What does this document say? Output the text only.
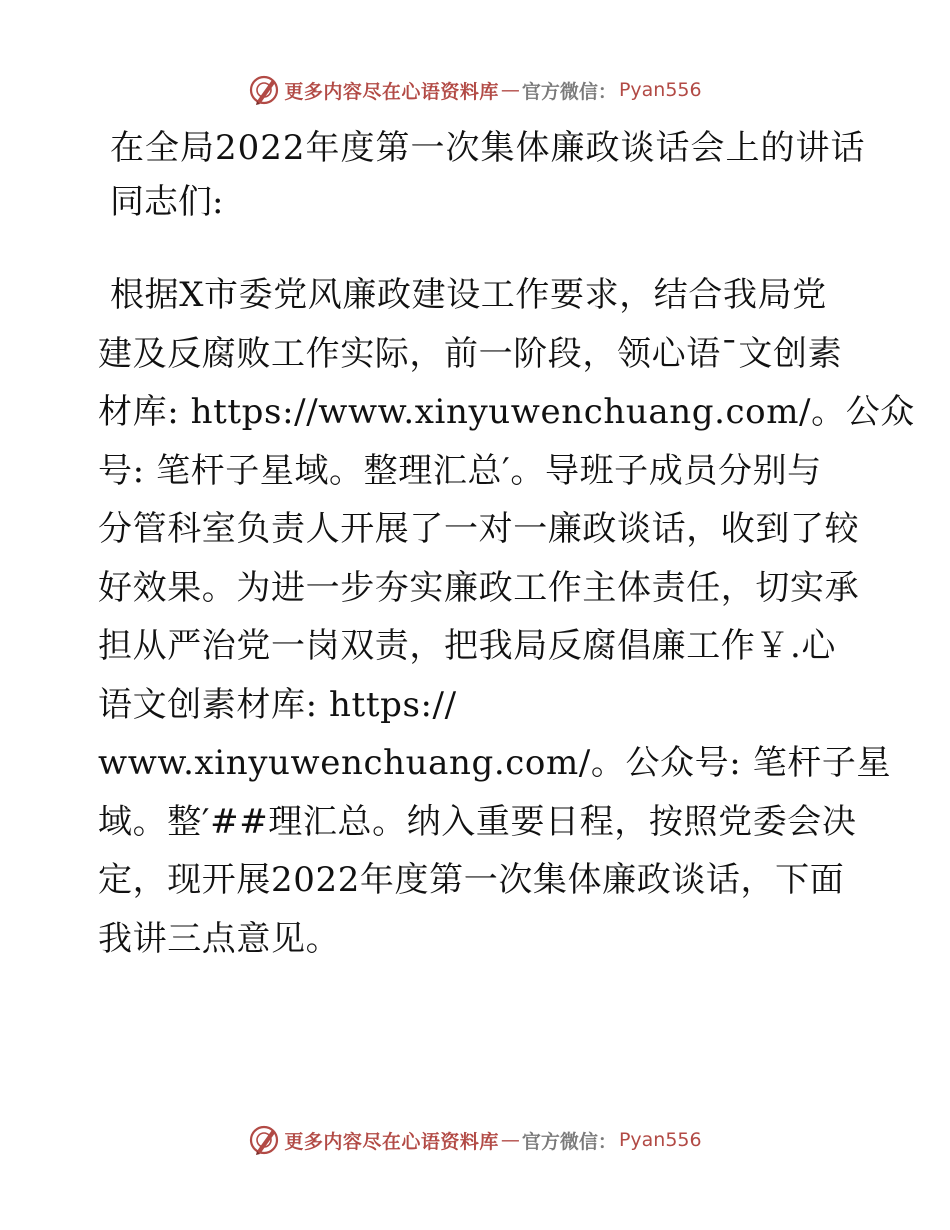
更多内容尽在心语资料库 — 官方微信： Pyan556
在全局2022年度第一次集体廉政谈话会上的讲话
同志们:
根据X市委党风廉政建设工作要求，结合我局党
建及反腐败工作实际，前一阶段，领心语¯文创素
材库: https://www.xinyuwenchuang.com/。公众
号: 笔杆子星域。整理汇总′。导班子成员分别与
分管科室负责人开展了一对一廉政谈话，收到了较
好效果。为进一步夯实廉政工作主体责任，切实承
担从严治党一岗双责，把我局反腐倡廉工作￥.心
语文创素材库: https://
www.xinyuwenchuang.com/。公众号: 笔杆子星
域。整′##理汇总。纳入重要日程，按照党委会决
定，现开展2022年度第一次集体廉政谈话，下面
我讲三点意见。
更多内容尽在心语资料库 — 官方微信： Pyan556
